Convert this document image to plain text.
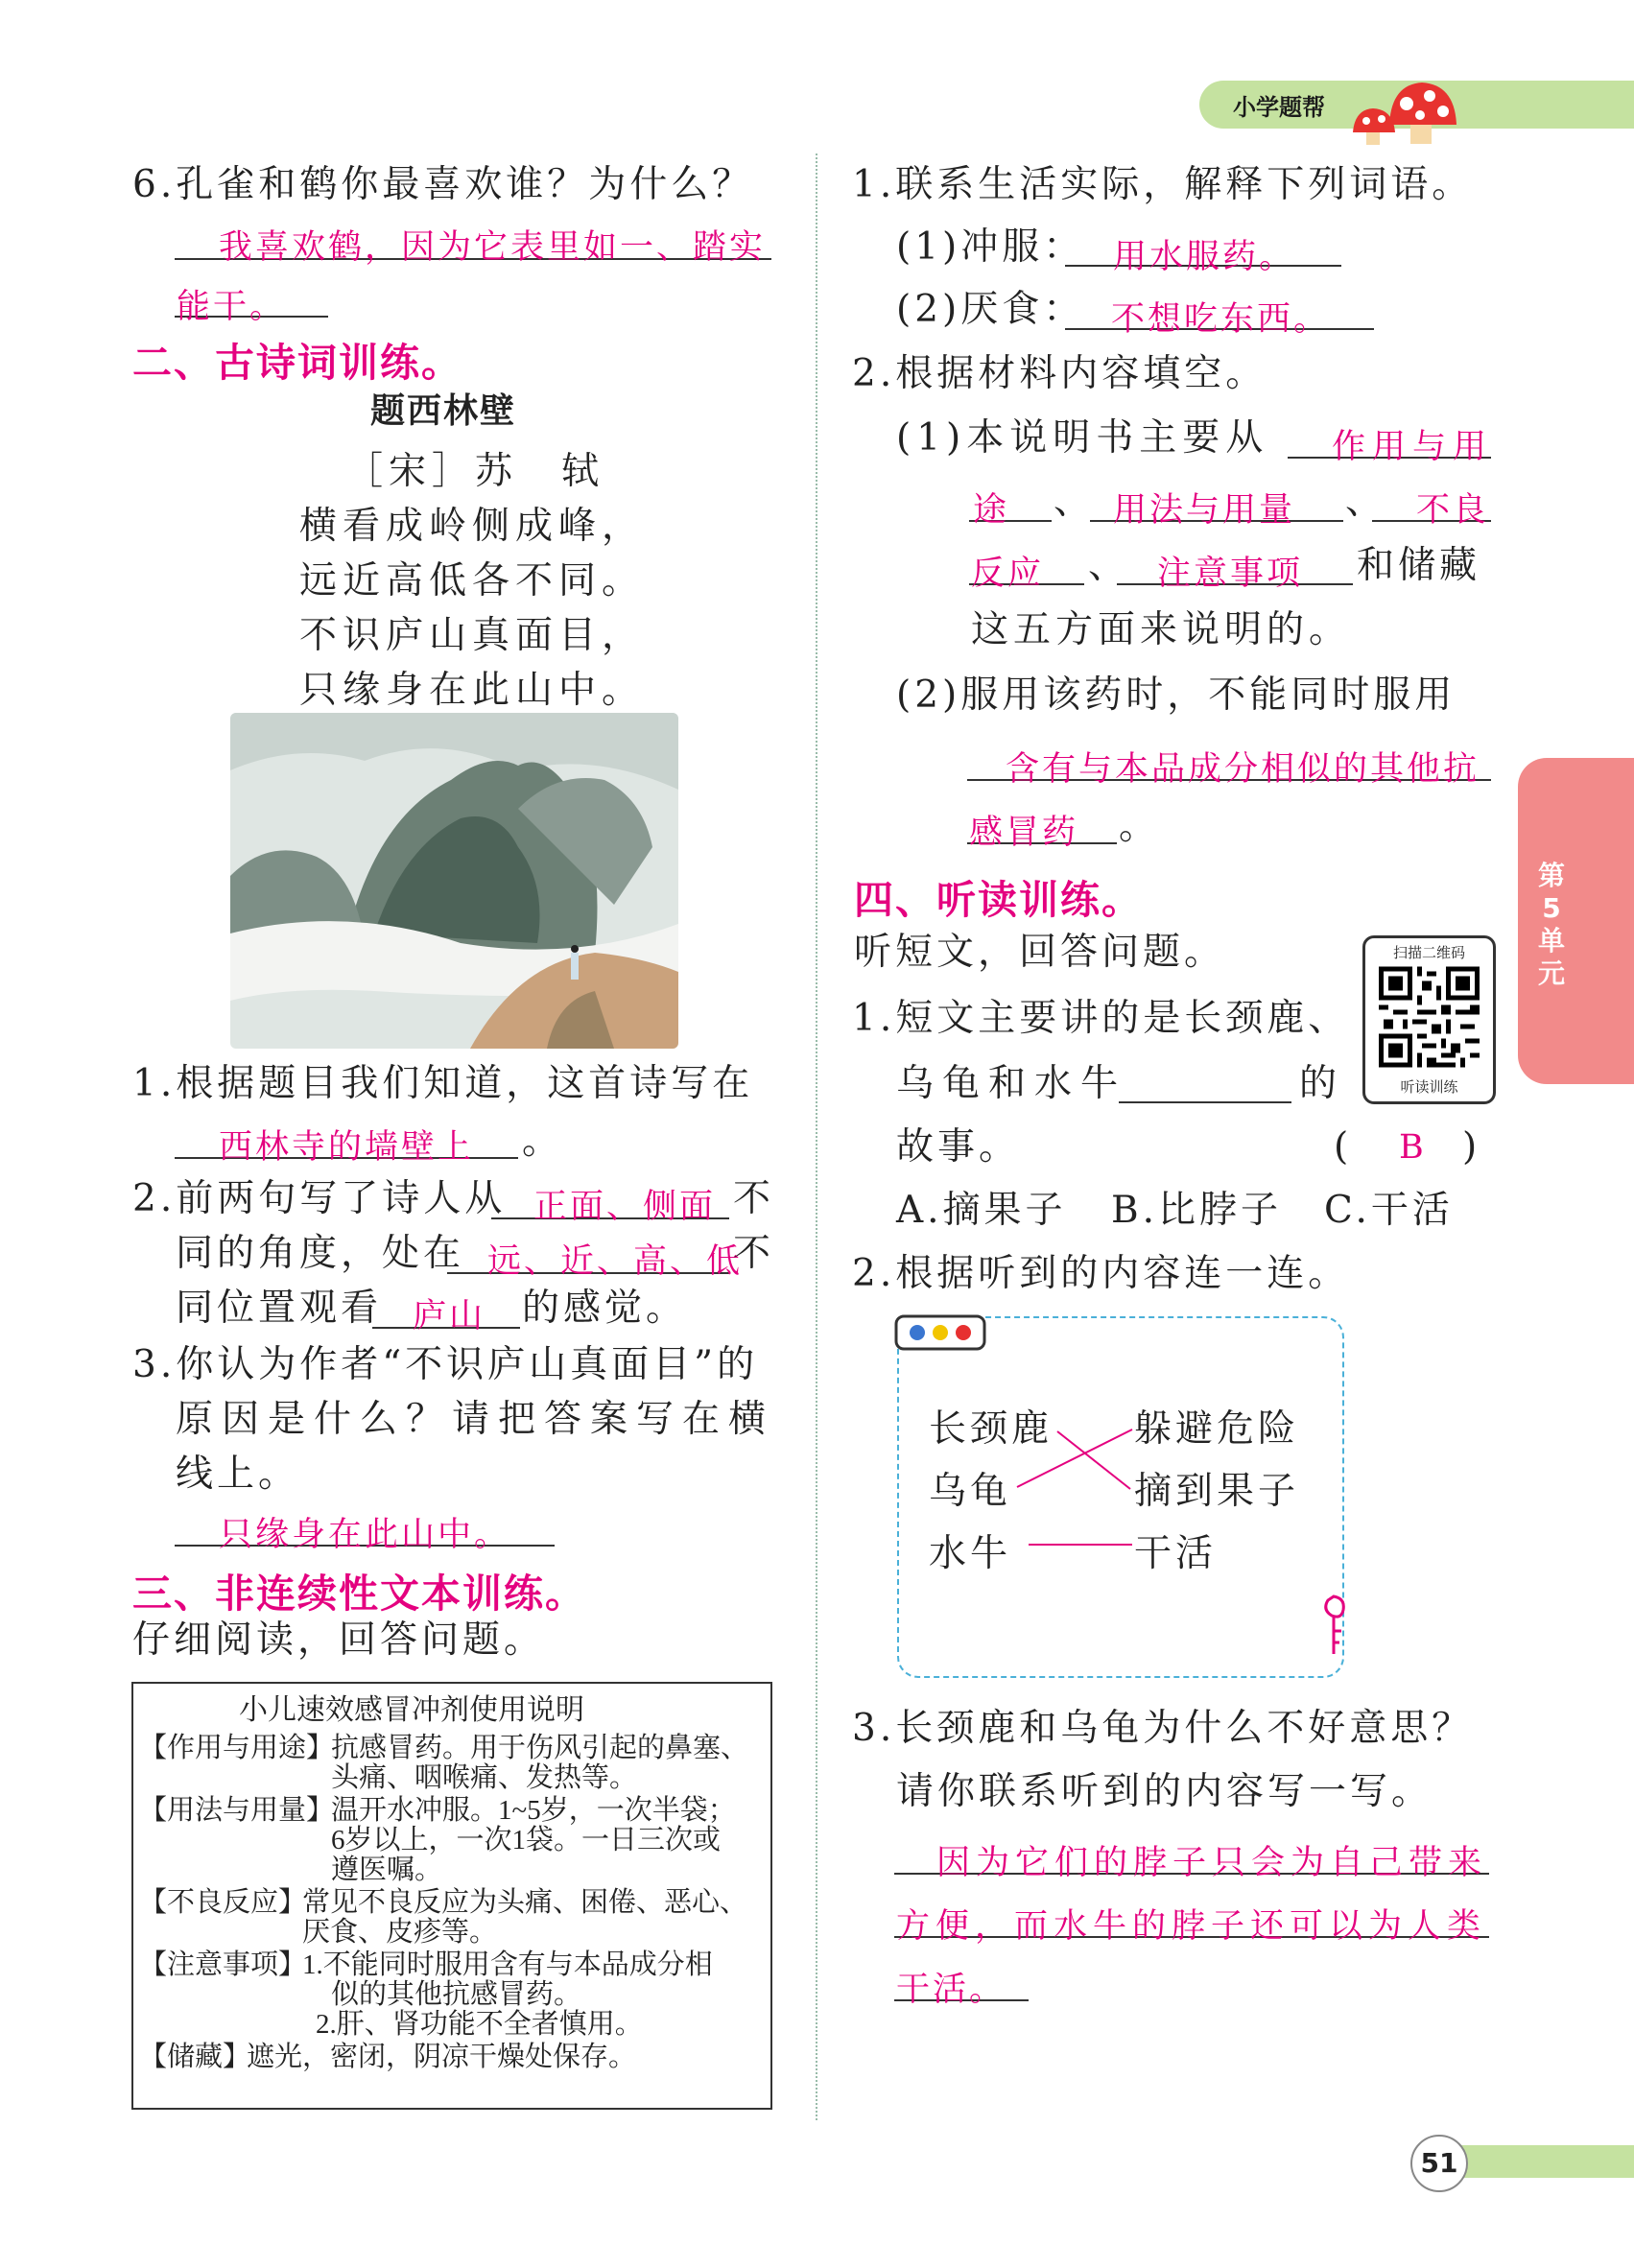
小学题帮
第5单元
6.孔雀和鹤你最喜欢谁？为什么？
我喜欢鹤，因为它表里如一、踏实
能干。
二、古诗词训练。
题西林壁
［宋］苏　轼
横看成岭侧成峰，
远近高低各不同。
不识庐山真面目，
只缘身在此山中。
1.根据题目我们知道，这首诗写在
西林寺的墙壁上 。
2.前两句写了诗人从 正面、侧面 不
同的角度，处在 远、近、高、低
不
同位置观看 庐山 的感觉。
3.你认为作者“不识庐山真面目”的
原因是什么？请把答案写在横
线上。
只缘身在此山中。
三、非连续性文本训练。
仔细阅读，回答问题。
小儿速效感冒冲剂使用说明
【作用与用途】
抗感冒药。用于伤风引起的鼻塞、
头痛、咽喉痛、发热等。
【用法与用量】
温开水冲服。1~5岁，一次半袋；
6岁以上，一次1袋。一日三次或
遵医嘱。
【不良反应】
常见不良反应为头痛、困倦、恶心、
厌食、皮疹等。
【注意事项】
1.不能同时服用含有与本品成分相
似的其他抗感冒药。
2.肝、肾功能不全者慎用。
【储藏】
遮光，密闭，阴凉干燥处保存。
1.联系生活实际，解释下列词语。
(1)冲服： 用水服药。
(2)厌食： 不想吃东西。
2.根据材料内容填空。
(1)本说明书主要从 作用与用
途 、 用法与用量 、 不良
反应 、 注意事项 和储藏
这五方面来说明的。
(2)服用该药时，不能同时服用
含有与本品成分相似的其他抗
感冒药 。
四、听读训练。
听短文，回答问题。	扫描二维码
听读训练
1.短文主要讲的是长颈鹿、
乌龟和水牛	的
故事。	( B )
A.摘果子 B.比脖子 C.干活
2.根据听到的内容连一连。
长颈鹿
乌龟
水牛
躲避危险
摘到果子
干活
3.长颈鹿和乌龟为什么不好意思？
请你联系听到的内容写一写。
因为它们的脖子只会为自己带来
方便，而水牛的脖子还可以为人类
干活。
51
